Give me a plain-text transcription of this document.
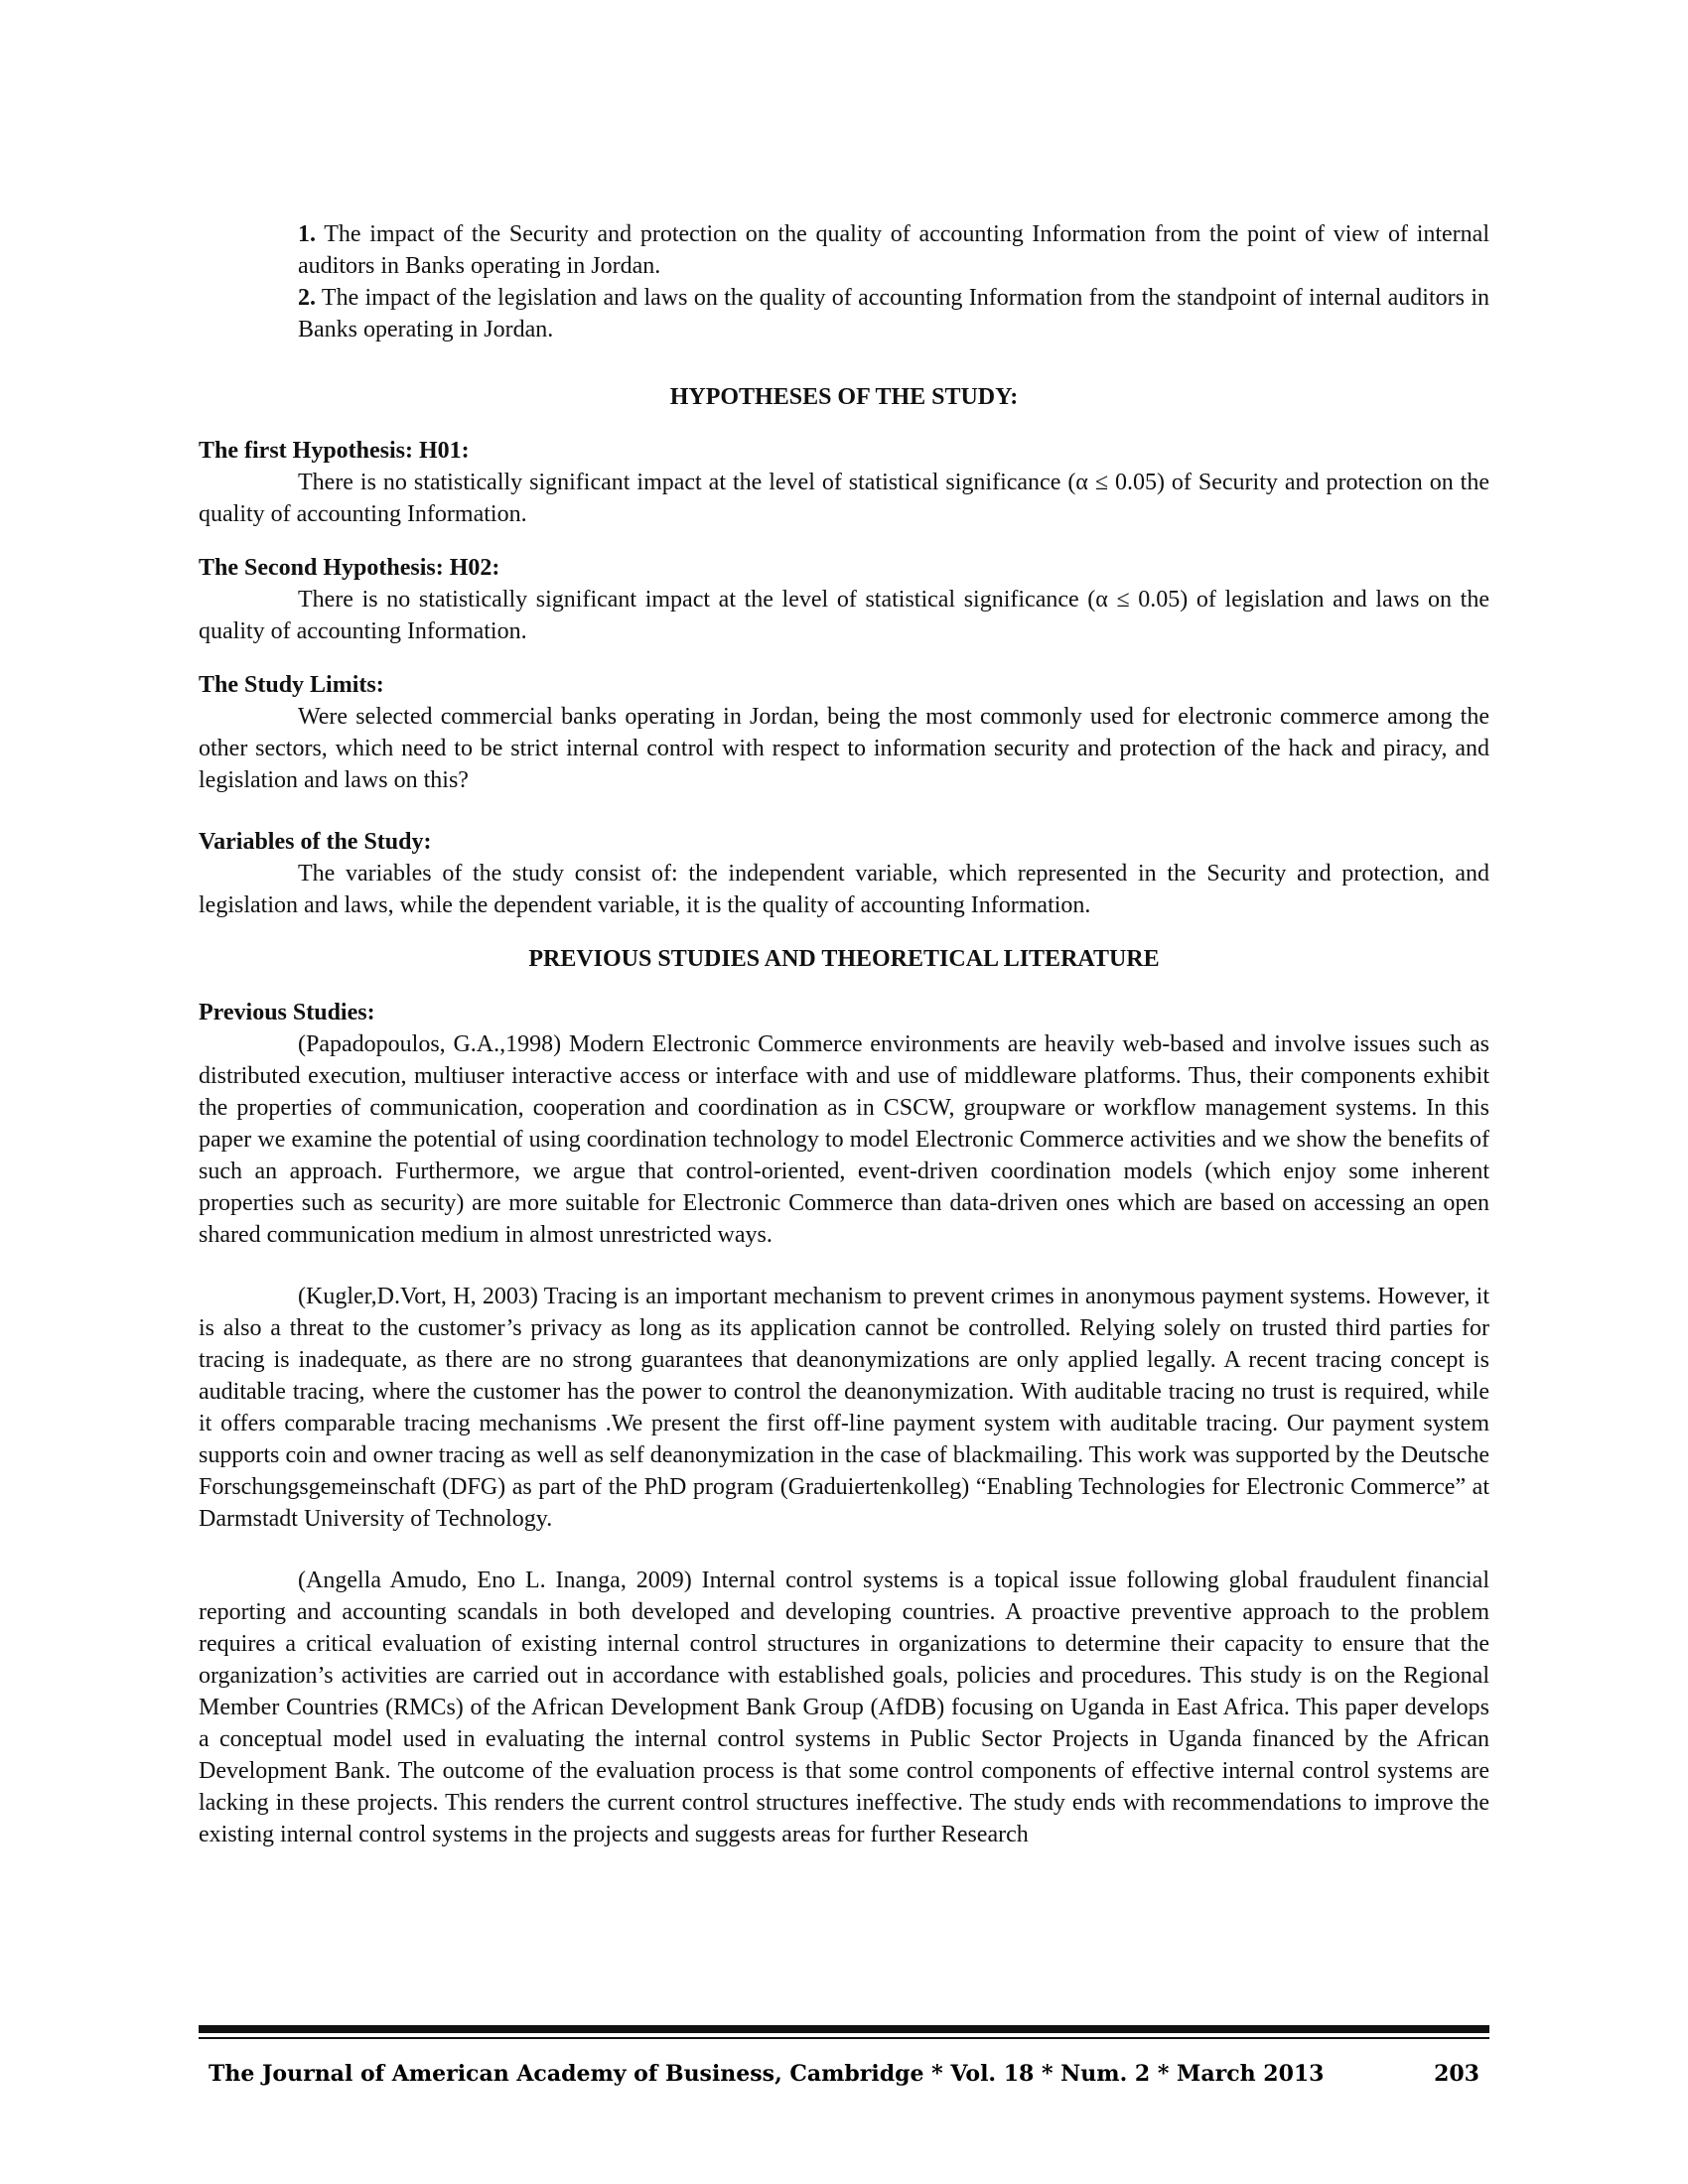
1. The impact of the Security and protection on the quality of accounting Information from the point of view of internal auditors in Banks operating in Jordan.
2. The impact of the legislation and laws on the quality of accounting Information from the standpoint of internal auditors in Banks operating in Jordan.
HYPOTHESES OF THE STUDY:
The first Hypothesis: H01:

There is no statistically significant impact at the level of statistical significance (α ≤ 0.05) of Security and protection on the quality of accounting Information.

The Second Hypothesis: H02:

There is no statistically significant impact at the level of statistical significance (α ≤ 0.05) of legislation and laws on the quality of accounting Information.

The Study Limits:

Were selected commercial banks operating in Jordan, being the most commonly used for electronic commerce among the other sectors, which need to be strict internal control with respect to information security and protection of the hack and piracy, and legislation and laws on this?

Variables of the Study:

The variables of the study consist of: the independent variable, which represented in the Security and protection, and legislation and laws, while the dependent variable, it is the quality of accounting Information.

PREVIOUS STUDIES AND THEORETICAL LITERATURE
Previous Studies:

(Papadopoulos, G.A.,1998) Modern Electronic Commerce environments are heavily web-based and involve issues such as distributed execution, multiuser interactive access or interface with and use of middleware platforms. Thus, their components exhibit the properties of communication, cooperation and coordination as in CSCW, groupware or workflow management systems. In this paper we examine the potential of using coordination technology to model Electronic Commerce activities and we show the benefits of such an approach. Furthermore, we argue that control-oriented, event-driven coordination models (which enjoy some inherent properties such as security) are more suitable for Electronic Commerce than data-driven ones which are based on accessing an open shared communication medium in almost unrestricted ways.

(Kugler,D.Vort, H, 2003) Tracing is an important mechanism to prevent crimes in anonymous payment systems. However, it is also a threat to the customer’s privacy as long as its application cannot be controlled. Relying solely on trusted third parties for tracing is inadequate, as there are no strong guarantees that deanonymizations are only applied legally. A recent tracing concept is auditable tracing, where the customer has the power to control the deanonymization. With auditable tracing no trust is required, while it offers comparable tracing mechanisms .We present the first off-line payment system with auditable tracing. Our payment system supports coin and owner tracing as well as self deanonymization in the case of blackmailing. This work was supported by the Deutsche Forschungsgemeinschaft (DFG) as part of the PhD program (Graduiertenkolleg) “Enabling Technologies for Electronic Commerce” at Darmstadt University of Technology.

(Angella Amudo, Eno L. Inanga, 2009) Internal control systems is a topical issue following global fraudulent financial reporting and accounting scandals in both developed and developing countries. A proactive preventive approach to the problem requires a critical evaluation of existing internal control structures in organizations to determine their capacity to ensure that the organization’s activities are carried out in accordance with established goals, policies and procedures. This study is on the Regional Member Countries (RMCs) of the African Development Bank Group (AfDB) focusing on Uganda in East Africa. This paper develops a conceptual model used in evaluating the internal control systems in Public Sector Projects in Uganda financed by the African Development Bank. The outcome of the evaluation process is that some control components of effective internal control systems are lacking in these projects. This renders the current control structures ineffective. The study ends with recommendations to improve the existing internal control systems in the projects and suggests areas for further Research

The Journal of American Academy of Business, Cambridge * Vol. 18 * Num. 2 * March 2013	203
